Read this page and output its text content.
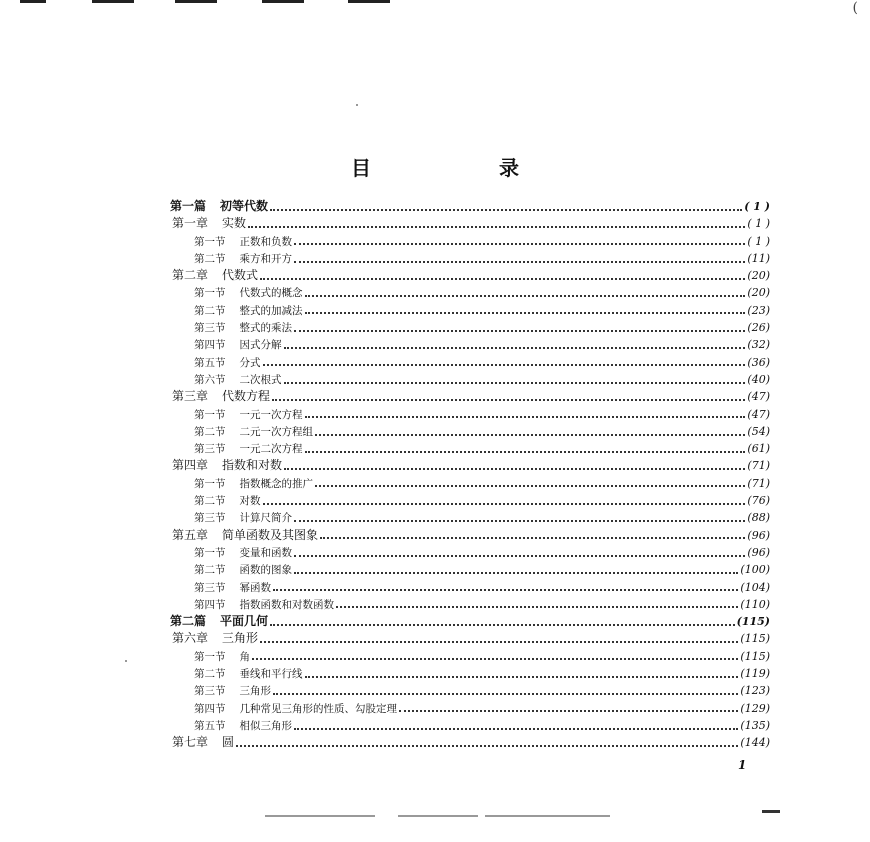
(
目　录
第一篇 初等代数	( 1 )
第一章 实数	( 1 )
第一节 正数和负数	( 1 )
第二节 乘方和开方	(11)
第二章 代数式	(20)
第一节 代数式的概念	(20)
第二节 整式的加减法	(23)
第三节 整式的乘法	(26)
第四节 因式分解	(32)
第五节 分式	(36)
第六节 二次根式	(40)
第三章 代数方程	(47)
第一节 一元一次方程	(47)
第二节 二元一次方程组	(54)
第三节 一元二次方程	(61)
第四章 指数和对数	(71)
第一节 指数概念的推广	(71)
第二节 对数	(76)
第三节 计算尺简介	(88)
第五章 简单函数及其图象	(96)
第一节 变量和函数	(96)
第二节 函数的图象	(100)
第三节 幂函数	(104)
第四节 指数函数和对数函数	(110)
第二篇 平面几何	(115)
第六章 三角形	(115)
第一节 角	(115)
第二节 垂线和平行线	(119)
第三节 三角形	(123)
第四节 几种常见三角形的性质、勾股定理	(129)
第五节 相似三角形	(135)
第七章 圆	(144)
1
